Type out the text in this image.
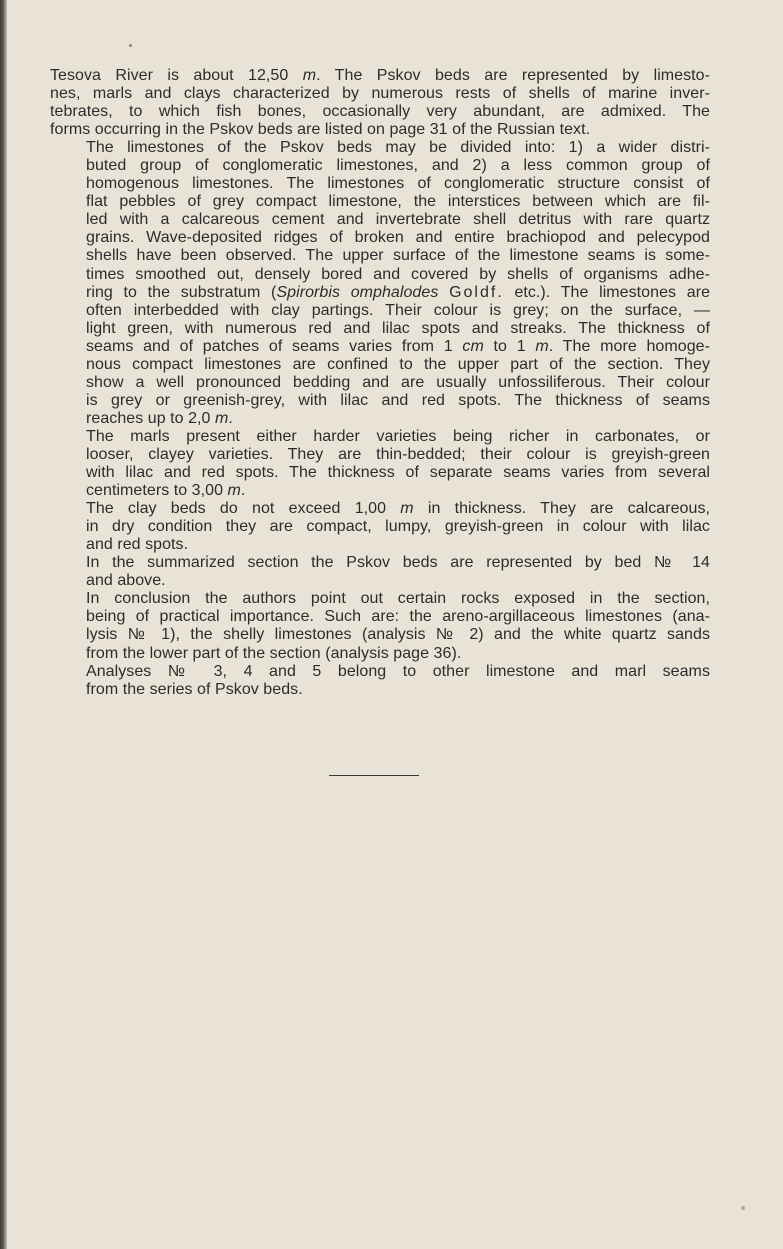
Tesova River is about 12,50 m. The Pskov beds are represented by limesto-
nes, marls and clays characterized by numerous rests of shells of marine inver-
tebrates, to which fish bones, occasionally very abundant, are admixed. The
forms occurring in the Pskov beds are listed on page 31 of the Russian text.

The limestones of the Pskov beds may be divided into: 1) a wider distri-
buted group of conglomeratic limestones, and 2) a less common group of
homogenous limestones. The limestones of conglomeratic structure consist of
flat pebbles of grey compact limestone, the interstices between which are fil-
led with a calcareous cement and invertebrate shell detritus with rare quartz
grains. Wave-deposited ridges of broken and entire brachiopod and pelecypod
shells have been observed. The upper surface of the limestone seams is some-
times smoothed out, densely bored and covered by shells of organisms adhe-
ring to the substratum (Spirorbis omphalodes Goldf. etc.). The limestones are
often interbedded with clay partings. Their colour is grey; on the surface, —
light green, with numerous red and lilac spots and streaks. The thickness of
seams and of patches of seams varies from 1 cm to 1 m. The more homoge-
nous compact limestones are confined to the upper part of the section. They
show a well pronounced bedding and are usually unfossiliferous. Their colour
is grey or greenish-grey, with lilac and red spots. The thickness of seams
reaches up to 2,0 m.

The marls present either harder varieties being richer in carbonates, or
looser, clayey varieties. They are thin-bedded; their colour is greyish-green
with lilac and red spots. The thickness of separate seams varies from several
centimeters to 3,00 m.

The clay beds do not exceed 1,00 m in thickness. They are calcareous,
in dry condition they are compact, lumpy, greyish-green in colour with lilac
and red spots.

In the summarized section the Pskov beds are represented by bed № 14
and above.

In conclusion the authors point out certain rocks exposed in the section,
being of practical importance. Such are: the areno-argillaceous limestones (ana-
lysis № 1), the shelly limestones (analysis № 2) and the white quartz sands
from the lower part of the section (analysis page 36).

Analyses № 3, 4 and 5 belong to other limestone and marl seams
from the series of Pskov beds.
